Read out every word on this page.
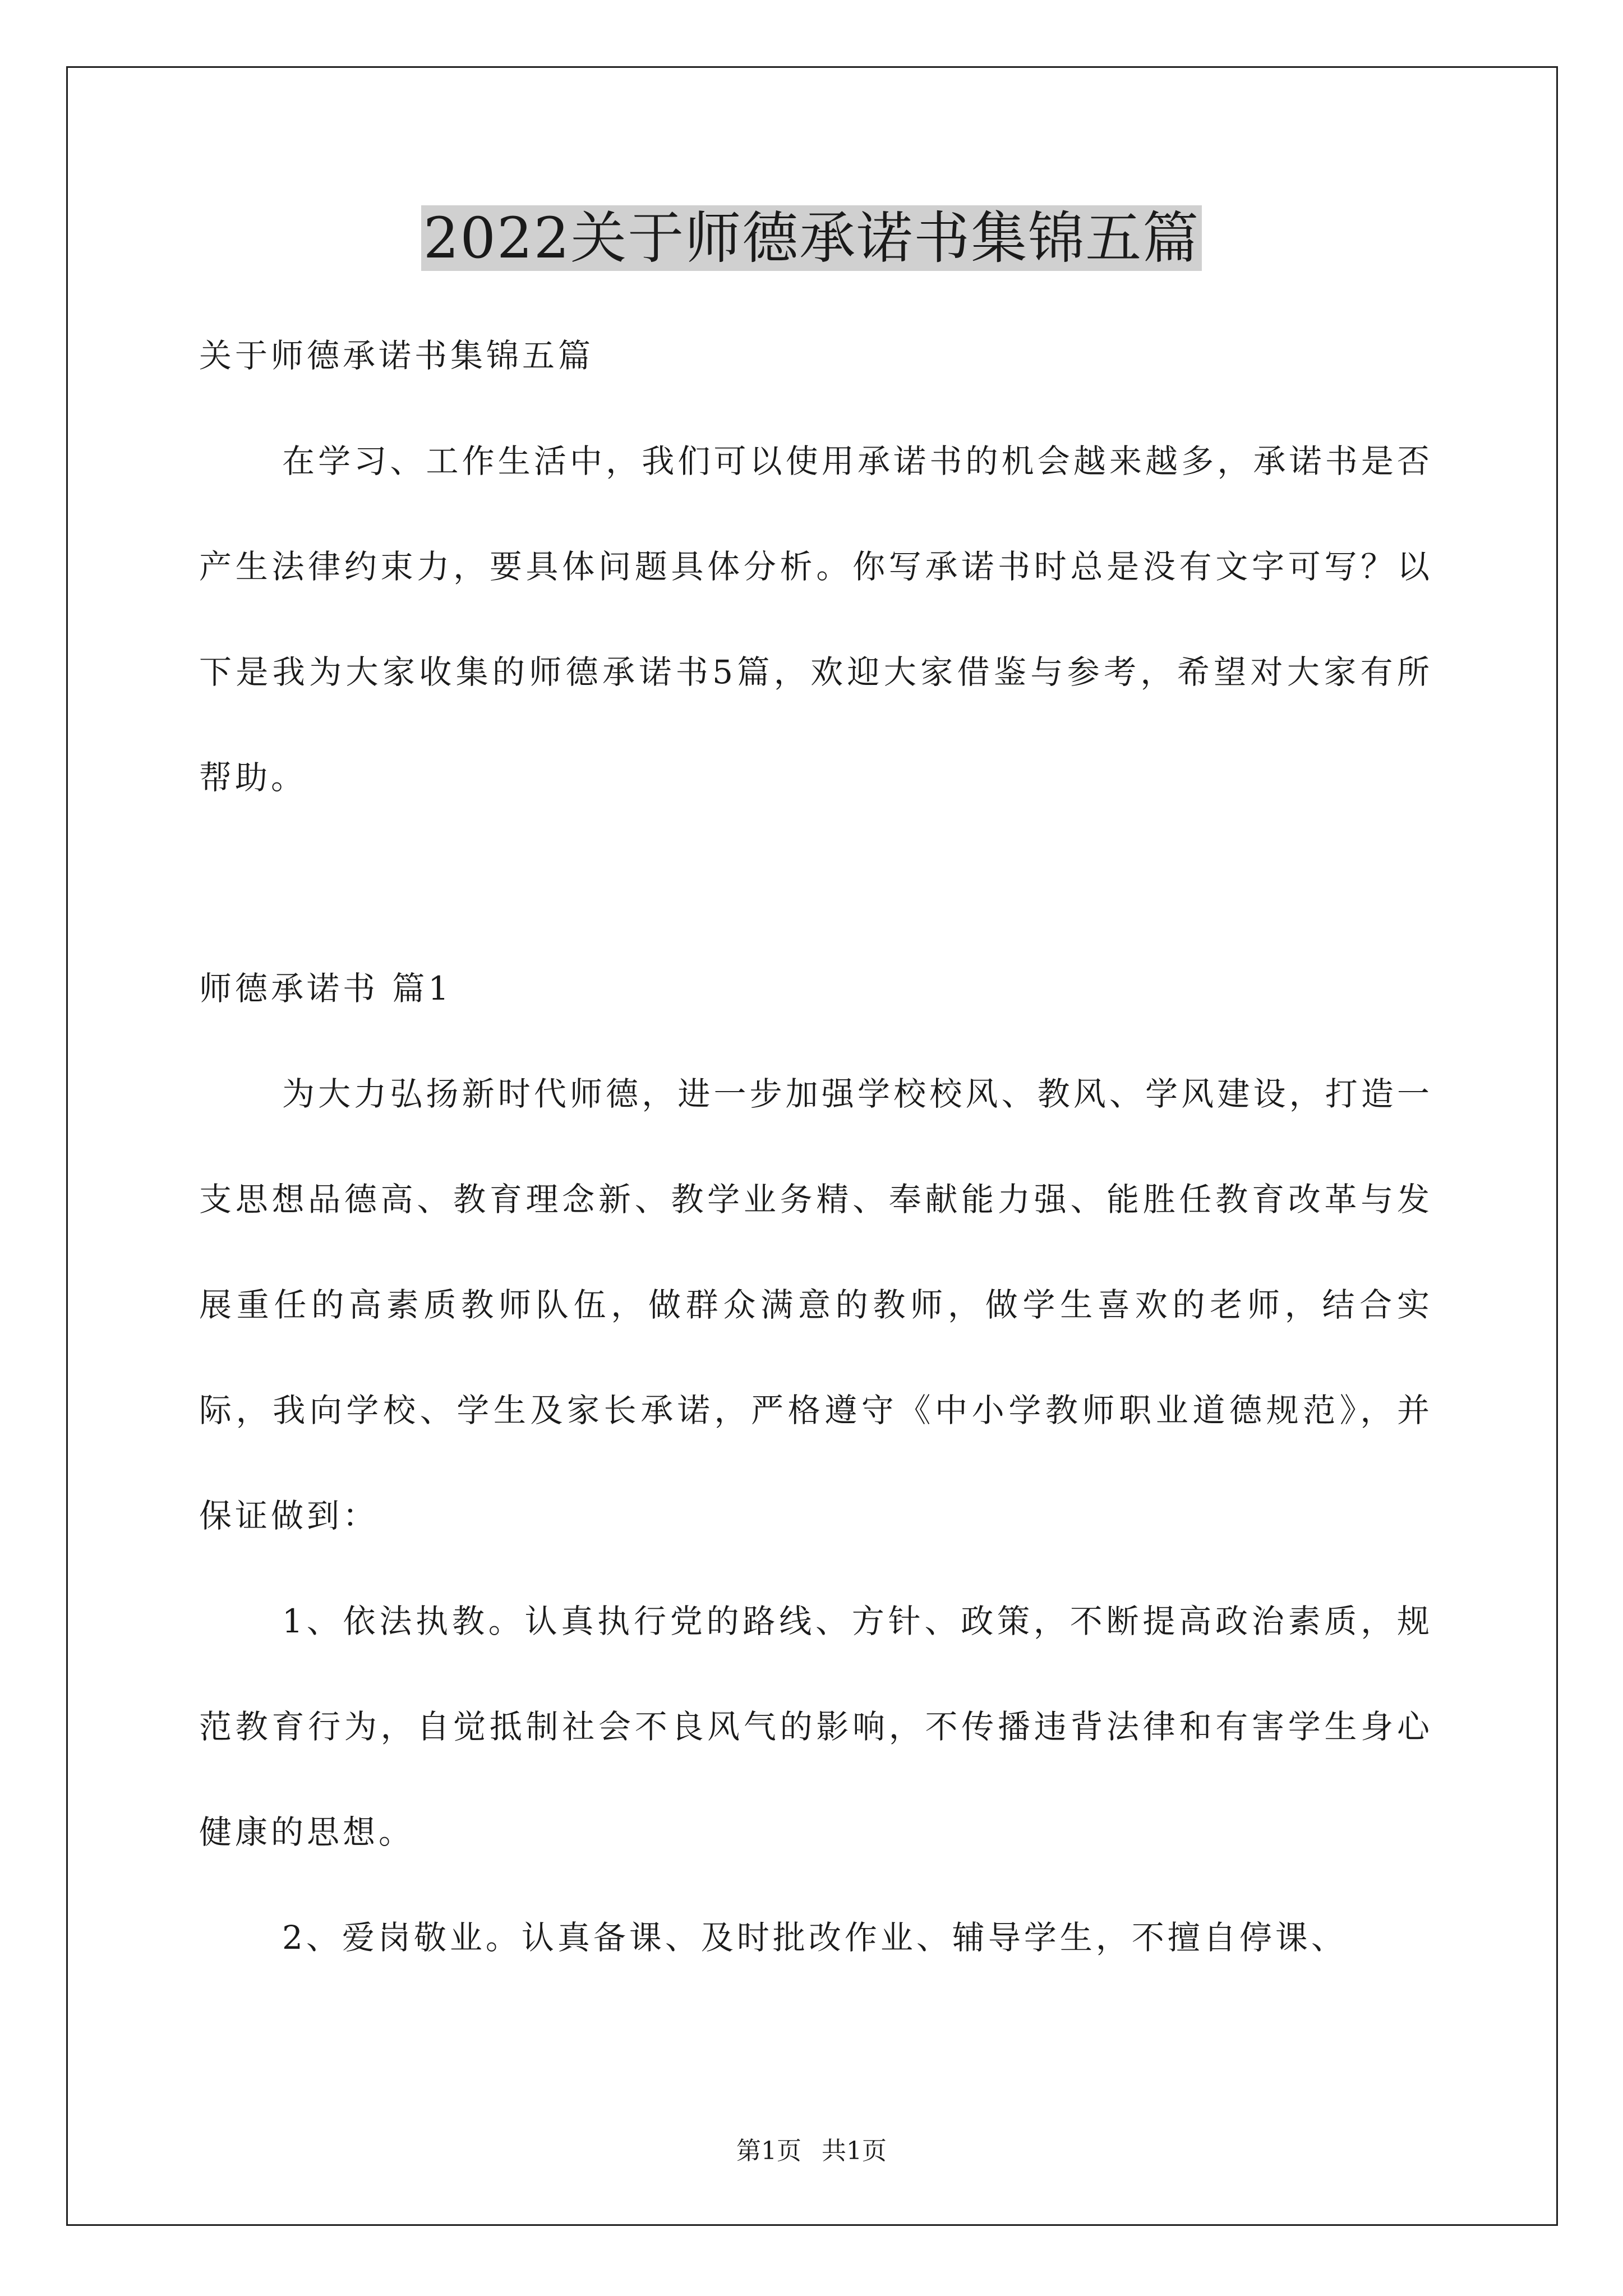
2022关于师德承诺书集锦五篇

关于师德承诺书集锦五篇

在学习、工作生活中，我们可以使用承诺书的机会越来越多，承诺书是否产生法律约束力，要具体问题具体分析。你写承诺书时总是没有文字可写？以下是我为大家收集的师德承诺书5篇，欢迎大家借鉴与参考，希望对大家有所帮助。

师德承诺书 篇1

为大力弘扬新时代师德，进一步加强学校校风、教风、学风建设，打造一支思想品德高、教育理念新、教学业务精、奉献能力强、能胜任教育改革与发展重任的高素质教师队伍，做群众满意的教师，做学生喜欢的老师，结合实际，我向学校、学生及家长承诺，严格遵守《中小学教师职业道德规范》，并保证做到：

1、依法执教。认真执行党的路线、方针、政策，不断提高政治素质，规范教育行为，自觉抵制社会不良风气的影响，不传播违背法律和有害学生身心健康的思想。

2、爱岗敬业。认真备课、及时批改作业、辅导学生，不擅自停课、

第1页 共1页
